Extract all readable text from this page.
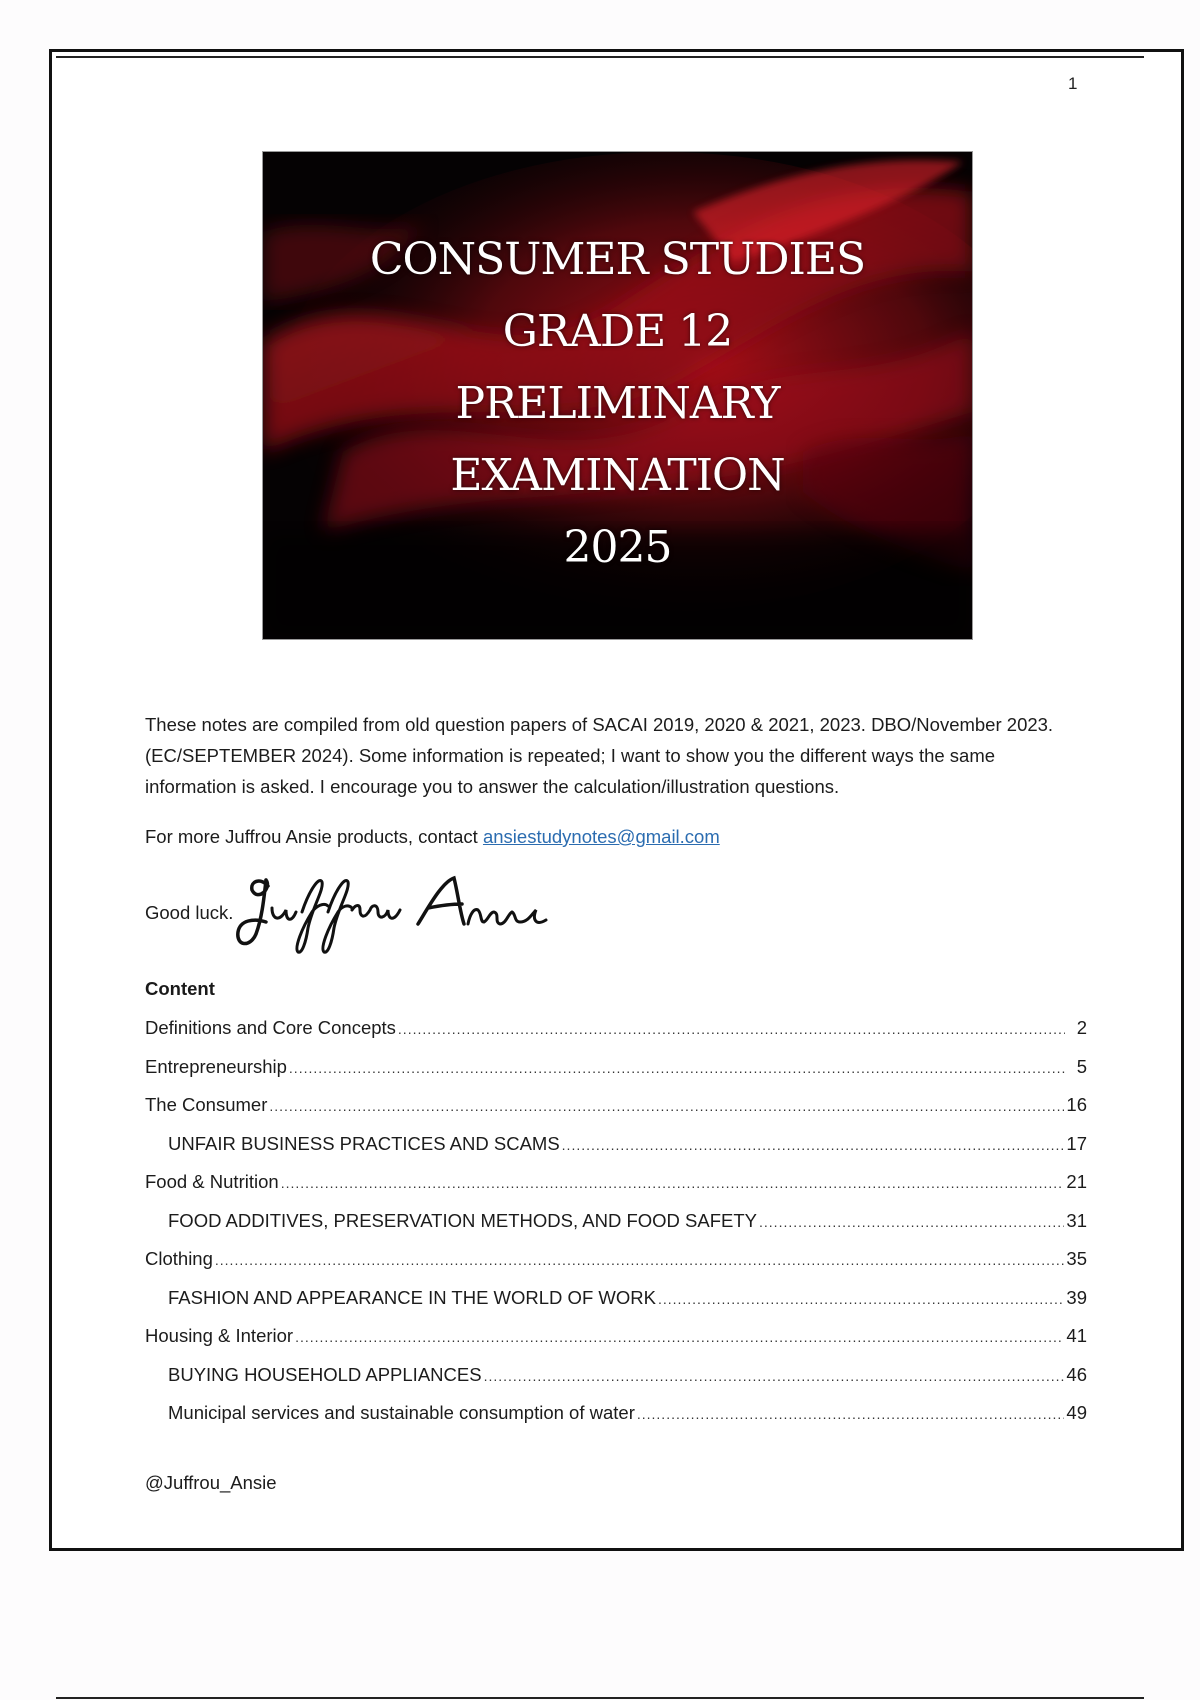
1
CONSUMER STUDIES
GRADE 12
PRELIMINARY
EXAMINATION
2025
These notes are compiled from old question papers of SACAI 2019, 2020 & 2021, 2023. DBO/November 2023. (EC/SEPTEMBER 2024). Some information is repeated; I want to show you the different ways the same information is asked. I encourage you to answer the calculation/illustration questions.
For more Juffrou Ansie products, contact ansiestudynotes@gmail.com
Good luck.
Content
Definitions and Core Concepts .....	2
Entrepreneurship .....	5
The Consumer .....	16
UNFAIR BUSINESS PRACTICES AND SCAMS .....	17
Food & Nutrition .....	21
FOOD ADDITIVES, PRESERVATION METHODS, AND FOOD SAFETY .....	31
Clothing .....	35
FASHION AND APPEARANCE IN THE WORLD OF WORK .....	39
Housing & Interior .....	41
BUYING HOUSEHOLD APPLIANCES .....	46
Municipal services and sustainable consumption of water .....	49
@Juffrou_Ansie
